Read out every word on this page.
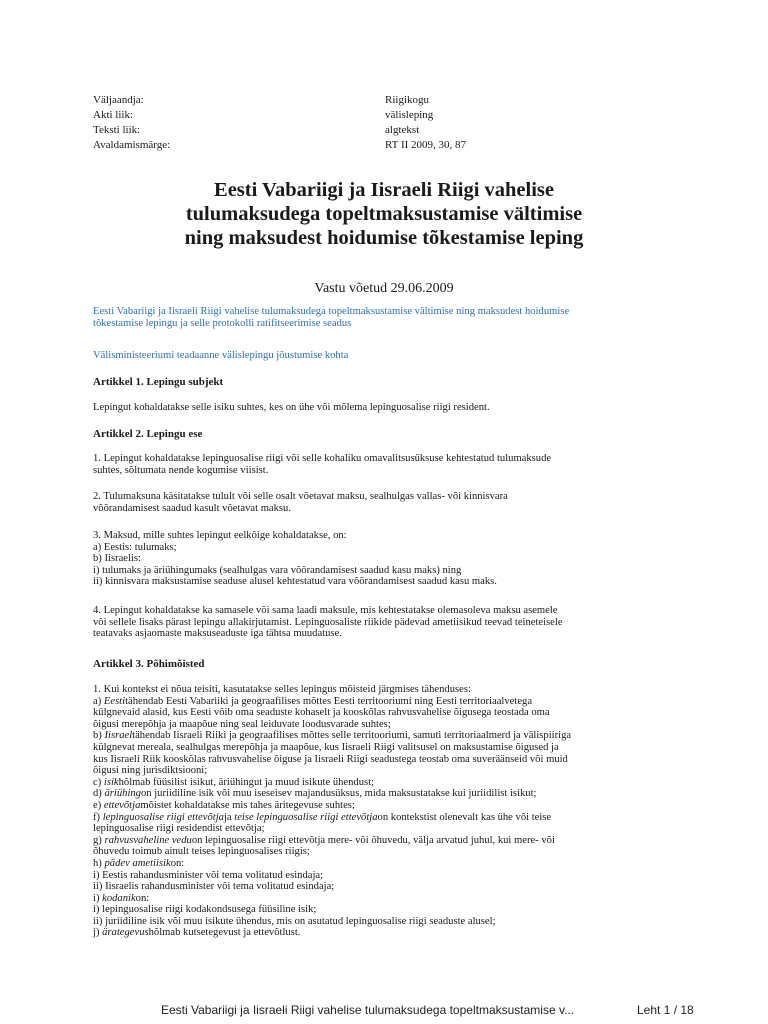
Väljaandja:	Riigikogu
Akti liik:	välisleping
Teksti liik:	algtekst
Avaldamismärge:	RT II 2009, 30, 87
Eesti Vabariigi ja Iisraeli Riigi vahelise
tulumaksudega topeltmaksustamise vältimise
ning maksudest hoidumise tõkestamise leping
Vastu võetud 29.06.2009
Eesti Vabariigi ja Iisraeli Riigi vahelise tulumaksudega topeltmaksustamise vältimise ning maksudest hoidumise
tõkestamise lepingu ja selle protokolli ratifitseerimise seadus
Välisministeeriumi teadaanne välislepingu jõustumise kohta
Artikkel 1. Lepingu subjekt
Lepingut kohaldatakse selle isiku suhtes, kes on ühe või mõlema lepinguosalise riigi resident.
Artikkel 2. Lepingu ese
1. Lepingut kohaldatakse lepinguosalise riigi või selle kohaliku omavalitsusüksuse kehtestatud tulumaksude
suhtes, sõltumata nende kogumise viisist.
2. Tulumaksuna käsitatakse tulult või selle osalt võetavat maksu, sealhulgas vallas- või kinnisvara
võõrandamisest saadud kasult võetavat maksu.
3. Maksud, mille suhtes lepingut eelkõige kohaldatakse, on:
a) Eestis: tulumaks;
b) Iisraelis:
i) tulumaks ja äriühingumaks (sealhulgas vara võõrandamisest saadud kasu maks) ning
ii) kinnisvara maksustamise seaduse alusel kehtestatud vara võõrandamisest saadud kasu maks.
4. Lepingut kohaldatakse ka samasele või sama laadi maksule, mis kehtestatakse olemasoleva maksu asemele
või sellele lisaks pärast lepingu allakirjutamist. Lepinguosaliste riikide pädevad ametiisikud teevad teineteisele
teatavaks asjaomaste maksuseaduste iga tähtsa muudatuse.
Artikkel 3. Põhimõisted
1. Kui kontekst ei nõua teisiti, kasutatakse selles lepingus mõisteid järgmises tähenduses:
a) Eestitähendab Eesti Vabariiki ja geograafilises mõttes Eesti territooriumi ning Eesti territoriaalvetega
külgnevaid alasid, kus Eesti võib oma seaduste kohaselt ja kooskõlas rahvusvahelise õigusega teostada oma
õigusi merepõhja ja maapõue ning seal leiduvate loodusvarade suhtes;
b) Iisraeltähendab Iisraeli Riiki ja geograafilises mõttes selle territooriumi, samuti territoriaalmerd ja välispiiriga
külgnevat mereala, sealhulgas merepõhja ja maapõue, kus Iisraeli Riigi valitsusel on maksustamise õigused ja
kus Iisraeli Riik kooskõlas rahvusvahelise õiguse ja Iisraeli Riigi seadustega teostab oma suveräänseid või muid
õigusi ning jurisdiktsiooni;
c) isikhõlmab füüsilist isikut, äriühingut ja muud isikute ühendust;
d) äriühingon juriidiline isik või muu iseseisev majandusüksus, mida maksustatakse kui juriidilist isikut;
e) ettevõtjamõistet kohaldatakse mis tahes äritegevuse suhtes;
f) lepinguosalise riigi ettevõtjaja teise lepinguosalise riigi ettevõtjaon kontekstist olenevalt kas ühe või teise
lepinguosalise riigi residendist ettevõtja;
g) rahvusvaheline veduon lepinguosalise riigi ettevõtja mere- või õhuvedu, välja arvatud juhul, kui mere- või
õhuvedu toimub ainult teises lepinguosalises riigis;
h) pädev ametiisikon:
i) Eestis rahandusminister või tema volitatud esindaja;
ii) Iisraelis rahandusminister või tema volitatud esindaja;
i) kodanikon:
i) lepinguosalise riigi kodakondsusega füüsiline isik;
ii) juriidiline isik või muu isikute ühendus, mis on asutatud lepinguosalise riigi seaduste alusel;
j) ärategevushõlmab kutsetegevust ja ettevõtlust.
Eesti Vabariigi ja Iisraeli Riigi vahelise tulumaksudega topeltmaksustamise v...	Leht 1 / 18
